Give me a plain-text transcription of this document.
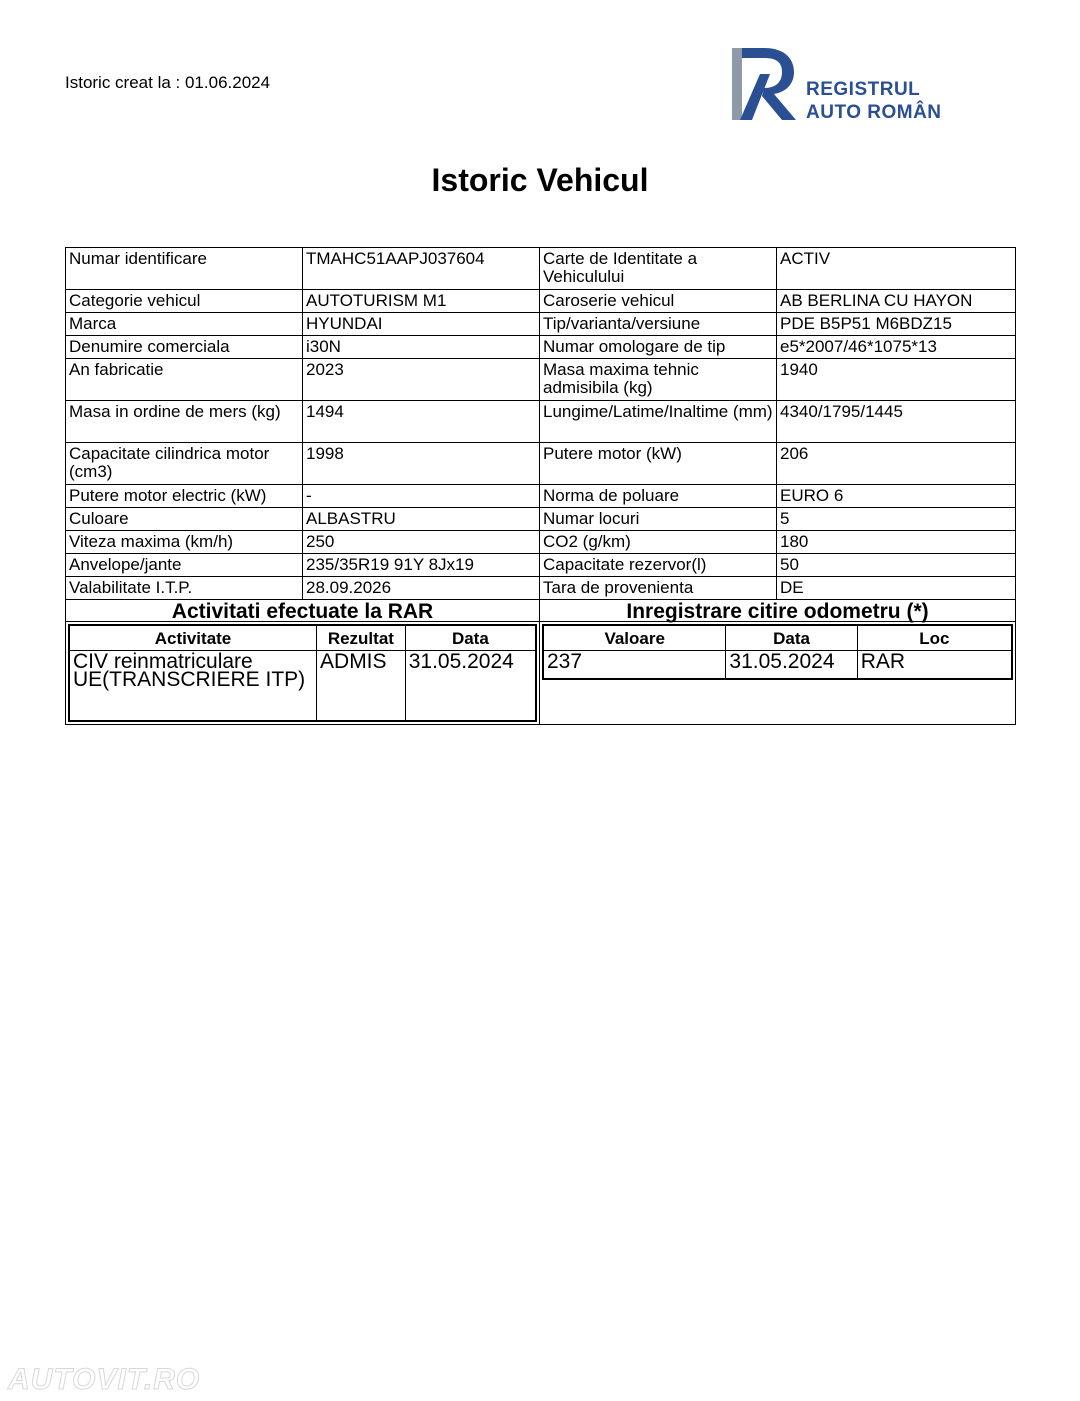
Istoric creat la : 01.06.2024	REGISTRUL
AUTO ROMÂN
Istoric Vehicul
Numar identificare	TMAHC51AAPJ037604	Carte de Identitate a Vehiculului	ACTIV
Categorie vehicul	AUTOTURISM M1	Caroserie vehicul	AB BERLINA CU HAYON
Marca	HYUNDAI	Tip/varianta/versiune	PDE B5P51 M6BDZ15
Denumire comerciala	i30N	Numar omologare de tip	e5*2007/46*1075*13
An fabricatie	2023	Masa maxima tehnic admisibila (kg)	1940
Masa in ordine de mers (kg)	1494	Lungime/Latime/Inaltime (mm)	4340/1795/1445
Capacitate cilindrica motor (cm3)	1998	Putere motor (kW)	206
Putere motor electric (kW)	-	Norma de poluare	EURO 6
Culoare	ALBASTRU	Numar locuri	5
Viteza maxima (km/h)	250	CO2 (g/km)	180
Anvelope/jante	235/35R19 91Y 8Jx19	Capacitate rezervor(l)	50
Valabilitate I.T.P.	28.09.2026	Tara de provenienta	DE
Activitati efectuate la RAR	Inregistrare citire odometru (*)

Activitate	Rezultat	Data
CIV reinmatriculare UE(TRANSCRIERE ITP)	ADMIS	31.05.2024

Valoare	Data	Loc
237	31.05.2024	RAR
AUTOVIT.RO
